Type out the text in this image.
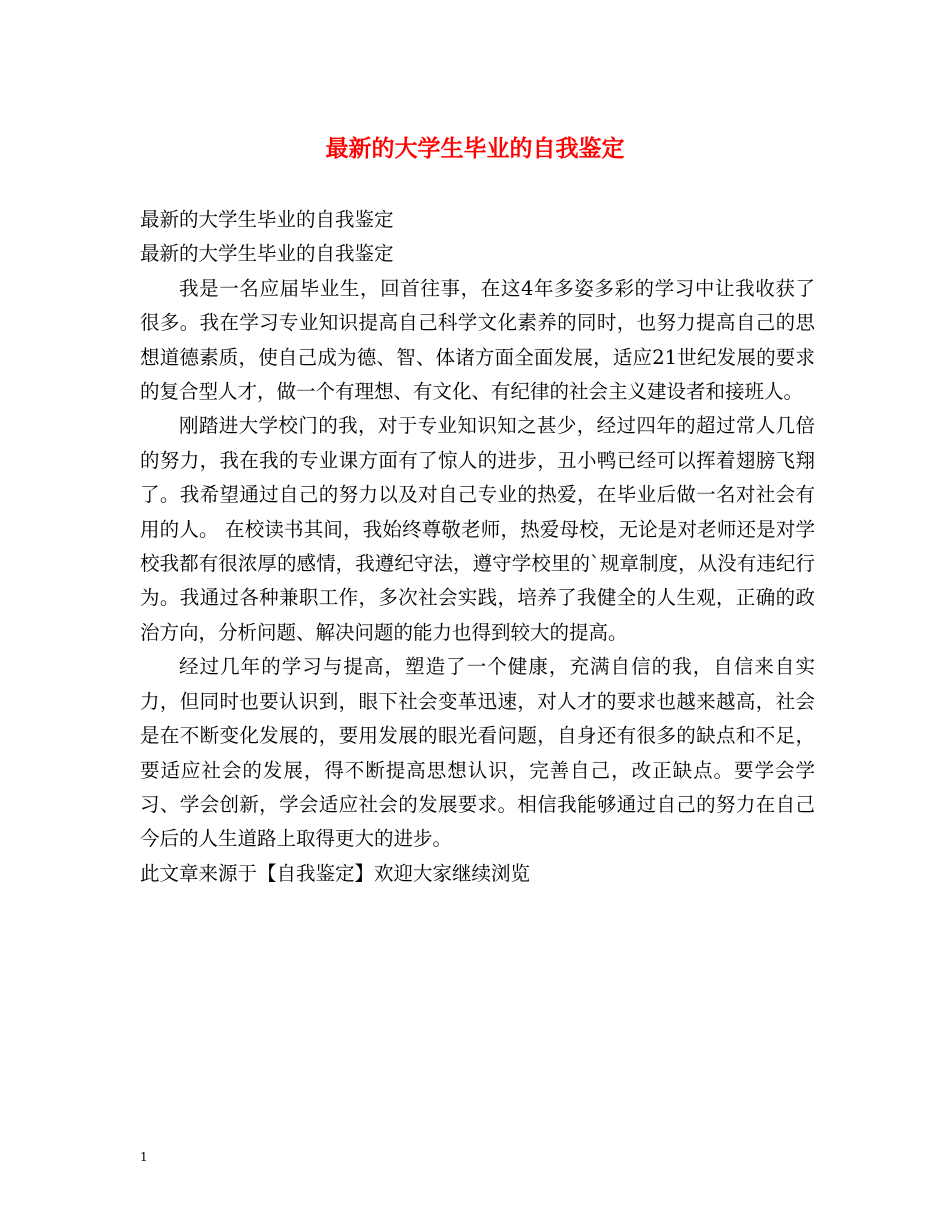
最新的大学生毕业的自我鉴定

最新的大学生毕业的自我鉴定

最新的大学生毕业的自我鉴定

我是一名应届毕业生，回首往事，在这4年多姿多彩的学习中让我收获了很多。我在学习专业知识提高自己科学文化素养的同时，也努力提高自己的思想道德素质，使自己成为德、智、体诸方面全面发展，适应21世纪发展的要求的复合型人才，做一个有理想、有文化、有纪律的社会主义建设者和接班人。

刚踏进大学校门的我，对于专业知识知之甚少，经过四年的超过常人几倍的努力，我在我的专业课方面有了惊人的进步，丑小鸭已经可以挥着翅膀飞翔了。我希望通过自己的努力以及对自己专业的热爱，在毕业后做一名对社会有用的人。 在校读书其间，我始终尊敬老师，热爱母校，无论是对老师还是对学校我都有很浓厚的感情，我遵纪守法，遵守学校里的`规章制度，从没有违纪行为。我通过各种兼职工作，多次社会实践，培养了我健全的人生观，正确的政治方向，分析问题、解决问题的能力也得到较大的提高。

经过几年的学习与提高，塑造了一个健康，充满自信的我，自信来自实力，但同时也要认识到，眼下社会变革迅速，对人才的要求也越来越高，社会是在不断变化发展的，要用发展的眼光看问题，自身还有很多的缺点和不足，要适应社会的发展，得不断提高思想认识，完善自己，改正缺点。要学会学习、学会创新，学会适应社会的发展要求。相信我能够通过自己的努力在自己今后的人生道路上取得更大的进步。

此文章来源于【自我鉴定】欢迎大家继续浏览

1
